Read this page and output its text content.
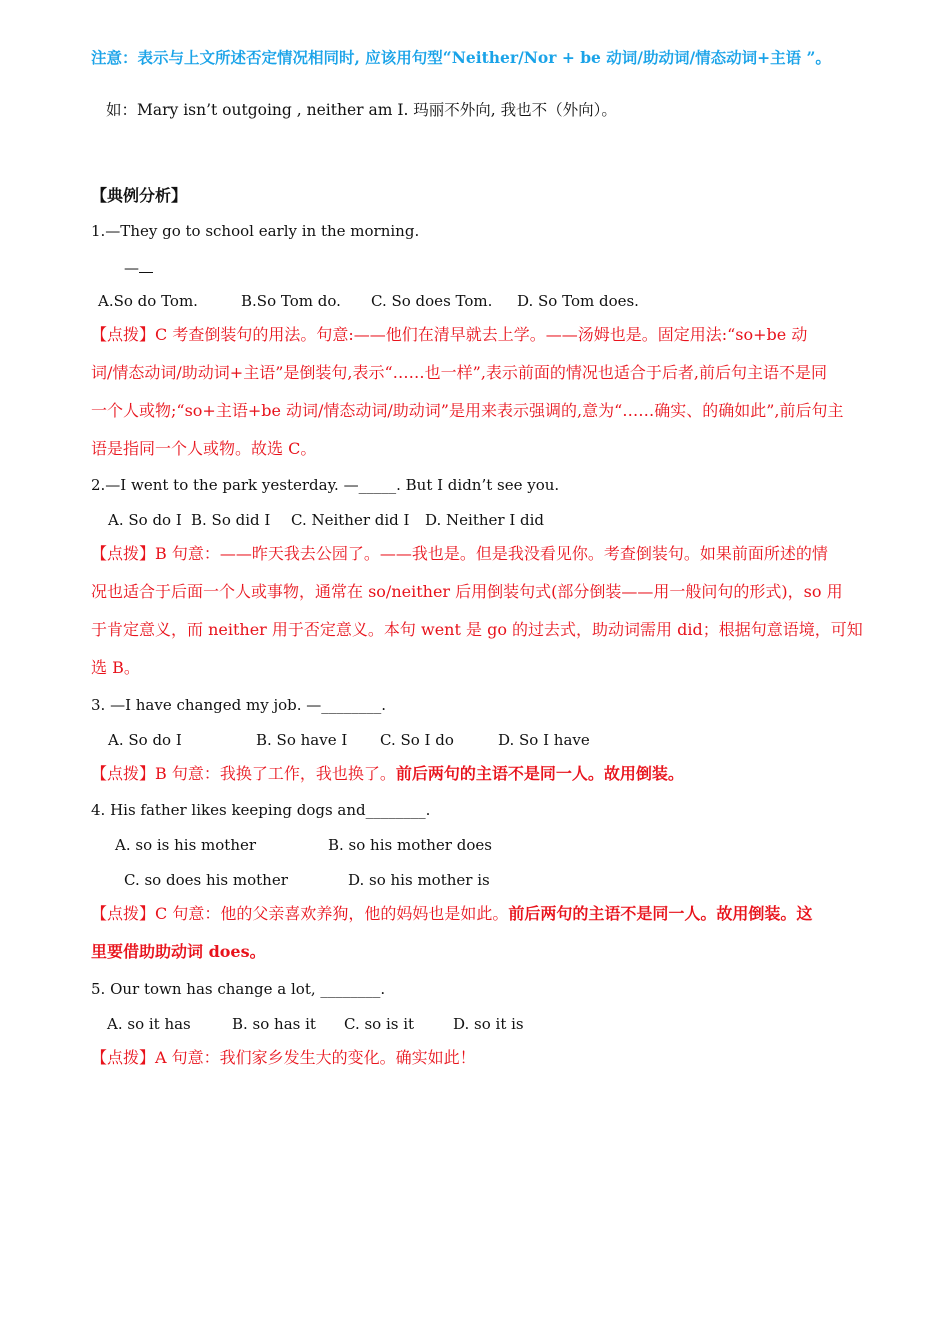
注意：表示与上文所述否定情况相同时, 应该用句型“Neither/Nor + be 动词/助动词/情态动词+主语 ”。
如：Mary isn’t outgoing , neither am I. 玛丽不外向, 我也不（外向）。
【典例分析】
1.—They go to school early in the morning.
—
A.So do Tom.	B.So Tom do. C. So does Tom. D. So Tom does.
【点拨】C 考查倒装句的用法。句意:——他们在清早就去上学。——汤姆也是。固定用法:“so+be 动
词/情态动词/助动词+主语”是倒装句,表示“……也一样”,表示前面的情况也适合于后者,前后句主语不是同
一个人或物;“so+主语+be 动词/情态动词/助动词”是用来表示强调的,意为“……确实、的确如此”,前后句主
语是指同一个人或物。故选 C。
2.—I went to the park yesterday. —_____. But I didn’t see you.
A. So do I B. So did I C. Neither did I D. Neither I did
【点拨】B 句意：——昨天我去公园了。——我也是。但是我没看见你。考查倒装句。如果前面所述的情
况也适合于后面一个人或事物，通常在 so/neither 后用倒装句式(部分倒装——用一般问句的形式)，so 用
于肯定意义，而 neither 用于否定意义。本句 went 是 go 的过去式，助动词需用 did；根据句意语境，可知
选 B。
3. —I have changed my job. —________.
A. So do I	B. So have I C. So I do	D. So I have
【点拨】B 句意：我换了工作，我也换了。前后两句的主语不是同一人。故用倒装。
4. His father likes keeping dogs and________.
A. so is his mother	B. so his mother does
C. so does his mother	D. so his mother is
【点拨】C 句意：他的父亲喜欢养狗，他的妈妈也是如此。前后两句的主语不是同一人。故用倒装。这
里要借助助动词 does。
5. Our town has change a lot, ________.
A. so it has	B. so has it C. so is it	D. so it is
【点拨】A 句意：我们家乡发生大的变化。确实如此！
